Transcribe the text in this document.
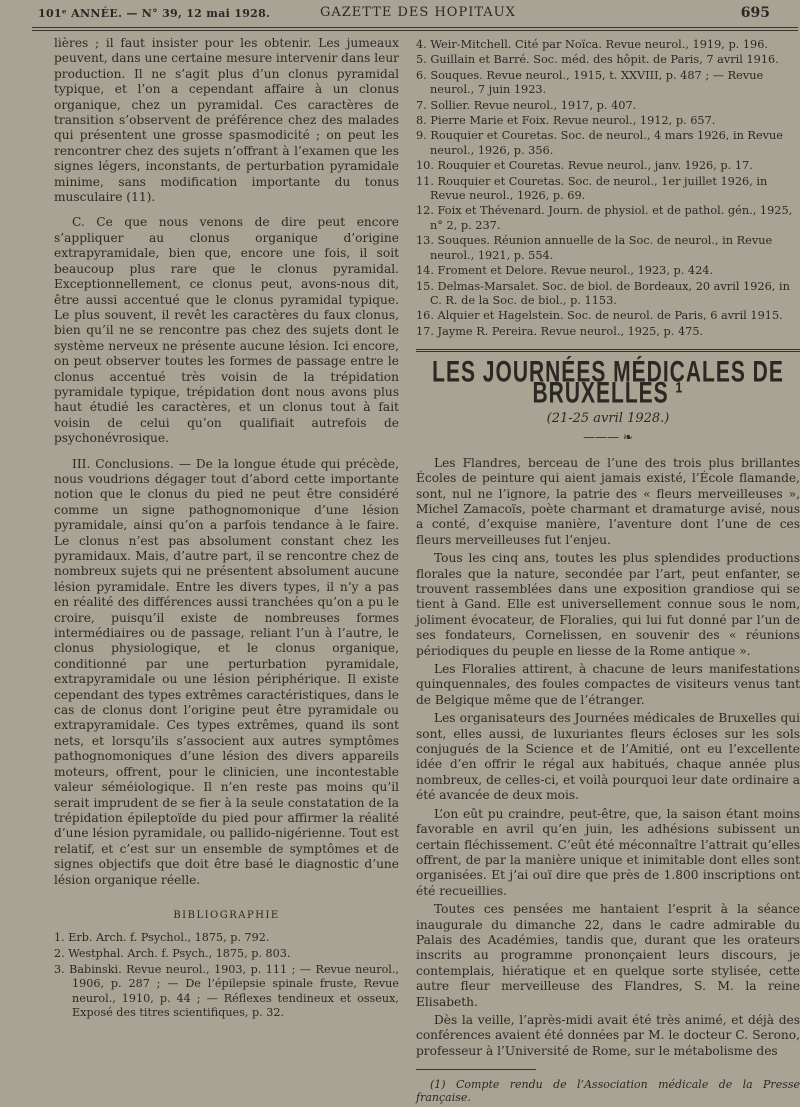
101ᵉ ANNÉE. — N° 39, 12 mai 1928.	GAZETTE DES HOPITAUX	695

lières ; il faut insister pour les obtenir. Les jumeaux peuvent, dans une certaine mesure intervenir dans leur production. Il ne s’agit plus d’un clonus pyramidal typique, et l’on a cependant affaire à un clonus organique, chez un pyramidal. Ces caractères de transition s’observent de préférence chez des malades qui présentent une grosse spasmodicité ; on peut les rencontrer chez des sujets n’offrant à l’examen que les signes légers, inconstants, de perturbation pyramidale minime, sans modification importante du tonus musculaire (11).

C. Ce que nous venons de dire peut encore s’appliquer au clonus organique d’origine extrapyramidale, bien que, encore une fois, il soit beaucoup plus rare que le clonus pyramidal. Exceptionnellement, ce clonus peut, avons-nous dit, être aussi accentué que le clonus pyramidal typique. Le plus souvent, il revêt les caractères du faux clonus, bien qu’il ne se rencontre pas chez des sujets dont le système nerveux ne présente aucune lésion. Ici encore, on peut observer toutes les formes de passage entre le clonus accentué très voisin de la trépidation pyramidale typique, trépidation dont nous avons plus haut étudié les caractères, et un clonus tout à fait voisin de celui qu’on qualifiait autrefois de psychonévrosique.

III. Conclusions. — De la longue étude qui précède, nous voudrions dégager tout d’abord cette importante notion que le clonus du pied ne peut être considéré comme un signe pathognomonique d’une lésion pyramidale, ainsi qu’on a parfois tendance à le faire. Le clonus n’est pas absolument constant chez les pyramidaux. Mais, d’autre part, il se rencontre chez de nombreux sujets qui ne présentent absolument aucune lésion pyramidale. Entre les divers types, il n’y a pas en réalité des différences aussi tranchées qu’on a pu le croire, puisqu’il existe de nombreuses formes intermédiaires ou de passage, reliant l’un à l’autre, le clonus physiologique, et le clonus organique, conditionné par une perturbation pyramidale, extrapyramidale ou une lésion périphérique. Il existe cependant des types extrêmes caractéristiques, dans le cas de clonus dont l’origine peut être pyramidale ou extrapyramidale. Ces types extrêmes, quand ils sont nets, et lorsqu’ils s’associent aux autres symptômes pathognomoniques d’une lésion des divers appareils moteurs, offrent, pour le clinicien, une incontestable valeur séméiologique. Il n’en reste pas moins qu’il serait imprudent de se fier à la seule constatation de la trépidation épileptoïde du pied pour affirmer la réalité d’une lésion pyramidale, ou pallido-nigérienne. Tout est relatif, et c’est sur un ensemble de symptômes et de signes objectifs que doit être basé le diagnostic d’une lésion organique réelle.

BIBLIOGRAPHIE
1. Erb. Arch. f. Psychol., 1875, p. 792.
2. Westphal. Arch. f. Psych., 1875, p. 803.
3. Babinski. Revue neurol., 1903, p. 111 ; — Revue neurol., 1906, p. 287 ; — De l’épilepsie spinale fruste, Revue neurol., 1910, p. 44 ; — Réflexes tendineux et osseux, Exposé des titres scientifiques, p. 32.
4. Weir-Mitchell. Cité par Noïca. Revue neurol., 1919, p. 196.
5. Guillain et Barré. Soc. méd. des hôpit. de Paris, 7 avril 1916.
6. Souques. Revue neurol., 1915, t. XXVIII, p. 487 ; — Revue neurol., 7 juin 1923.
7. Sollier. Revue neurol., 1917, p. 407.
8. Pierre Marie et Foix. Revue neurol., 1912, p. 657.
9. Rouquier et Couretas. Soc. de neurol., 4 mars 1926, in Revue neurol., 1926, p. 356.
10. Rouquier et Couretas. Revue neurol., janv. 1926, p. 17.
11. Rouquier et Couretas. Soc. de neurol., 1er juillet 1926, in Revue neurol., 1926, p. 69.
12. Foix et Thévenard. Journ. de physiol. et de pathol. gén., 1925, n° 2, p. 237.
13. Souques. Réunion annuelle de la Soc. de neurol., in Revue neurol., 1921, p. 554.
14. Froment et Delore. Revue neurol., 1923, p. 424.
15. Delmas-Marsalet. Soc. de biol. de Bordeaux, 20 avril 1926, in C. R. de la Soc. de biol., p. 1153.
16. Alquier et Hagelstein. Soc. de neurol. de Paris, 6 avril 1915.
17. Jayme R. Pereira. Revue neurol., 1925, p. 475.
LES JOURNÉES MÉDICALES DE BRUXELLES ¹
(21-25 avril 1928.)
——— ❧

Les Flandres, berceau de l’une des trois plus brillantes Écoles de peinture qui aient jamais existé, l’École flamande, sont, nul ne l’ignore, la patrie des « fleurs merveilleuses », Michel Zamacoïs, poète charmant et dramaturge avisé, nous a conté, d’exquise manière, l’aventure dont l’une de ces fleurs merveilleuses fut l’enjeu.

Tous les cinq ans, toutes les plus splendides productions florales que la nature, secondée par l’art, peut enfanter, se trouvent rassemblées dans une exposition grandiose qui se tient à Gand. Elle est universellement connue sous le nom, joliment évocateur, de Floralies, qui lui fut donné par l’un de ses fondateurs, Cornelissen, en souvenir des « réunions périodiques du peuple en liesse de la Rome antique ».

Les Floralies attirent, à chacune de leurs manifestations quinquennales, des foules compactes de visiteurs venus tant de Belgique même que de l’étranger.

Les organisateurs des Journées médicales de Bruxelles qui sont, elles aussi, de luxuriantes fleurs écloses sur les sols conjugués de la Science et de l’Amitié, ont eu l’excellente idée d’en offrir le régal aux habitués, chaque année plus nombreux, de celles-ci, et voilà pourquoi leur date ordinaire a été avancée de deux mois.

L’on eût pu craindre, peut-être, que, la saison étant moins favorable en avril qu’en juin, les adhésions subissent un certain fléchissement. C’eût été méconnaître l’attrait qu’elles offrent, de par la manière unique et inimitable dont elles sont organisées. Et j’ai ouï dire que près de 1.800 inscriptions ont été recueillies.

Toutes ces pensées me hantaient l’esprit à la séance inaugurale du dimanche 22, dans le cadre admirable du Palais des Académies, tandis que, durant que les orateurs inscrits au programme prononçaient leurs discours, je contemplais, hiératique et en quelque sorte stylisée, cette autre fleur merveilleuse des Flandres, S. M. la reine Elisabeth.

Dès la veille, l’après-midi avait été très animé, et déjà des conférences avaient été données par M. le docteur C. Serono, professeur à l’Université de Rome, sur le métabolisme des

(1) Compte rendu de l’Association médicale de la Presse française.
